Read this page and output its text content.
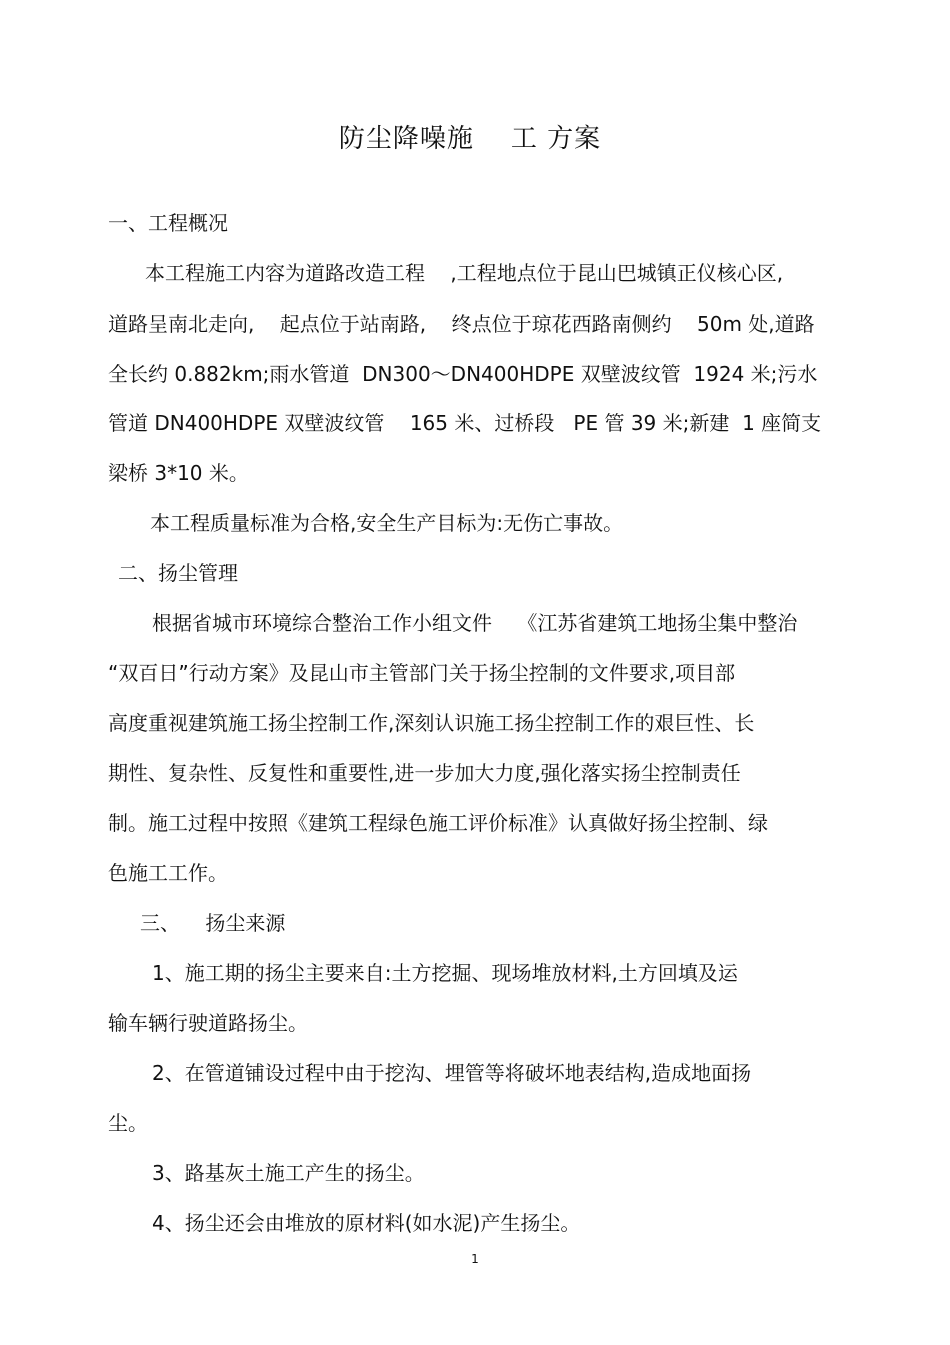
防尘降噪施    工 方案
一、工程概况
本工程施工内容为道路改造工程    ,工程地点位于昆山巴城镇正仪核心区,
道路呈南北走向,    起点位于站南路,    终点位于琼花西路南侧约    50m 处,道路
全长约 0.882km;雨水管道  DN300～DN400HDPE 双壁波纹管  1924 米;污水
管道 DN400HDPE 双壁波纹管    165 米、过桥段   PE 管 39 米;新建  1 座简支
梁桥 3*10 米。
本工程质量标准为合格,安全生产目标为:无伤亡事故。
二、扬尘管理
根据省城市环境综合整治工作小组文件    《江苏省建筑工地扬尘集中整治
“双百日”行动方案》及昆山市主管部门关于扬尘控制的文件要求,项目部
高度重视建筑施工扬尘控制工作,深刻认识施工扬尘控制工作的艰巨性、长
期性、复杂性、反复性和重要性,进一步加大力度,强化落实扬尘控制责任
制。施工过程中按照《建筑工程绿色施工评价标准》认真做好扬尘控制、绿
色施工工作。
三、    扬尘来源
1、施工期的扬尘主要来自:土方挖掘、现场堆放材料,土方回填及运
输车辆行驶道路扬尘。
2、在管道铺设过程中由于挖沟、埋管等将破坏地表结构,造成地面扬
尘。
3、路基灰土施工产生的扬尘。
4、扬尘还会由堆放的原材料(如水泥)产生扬尘。
1
